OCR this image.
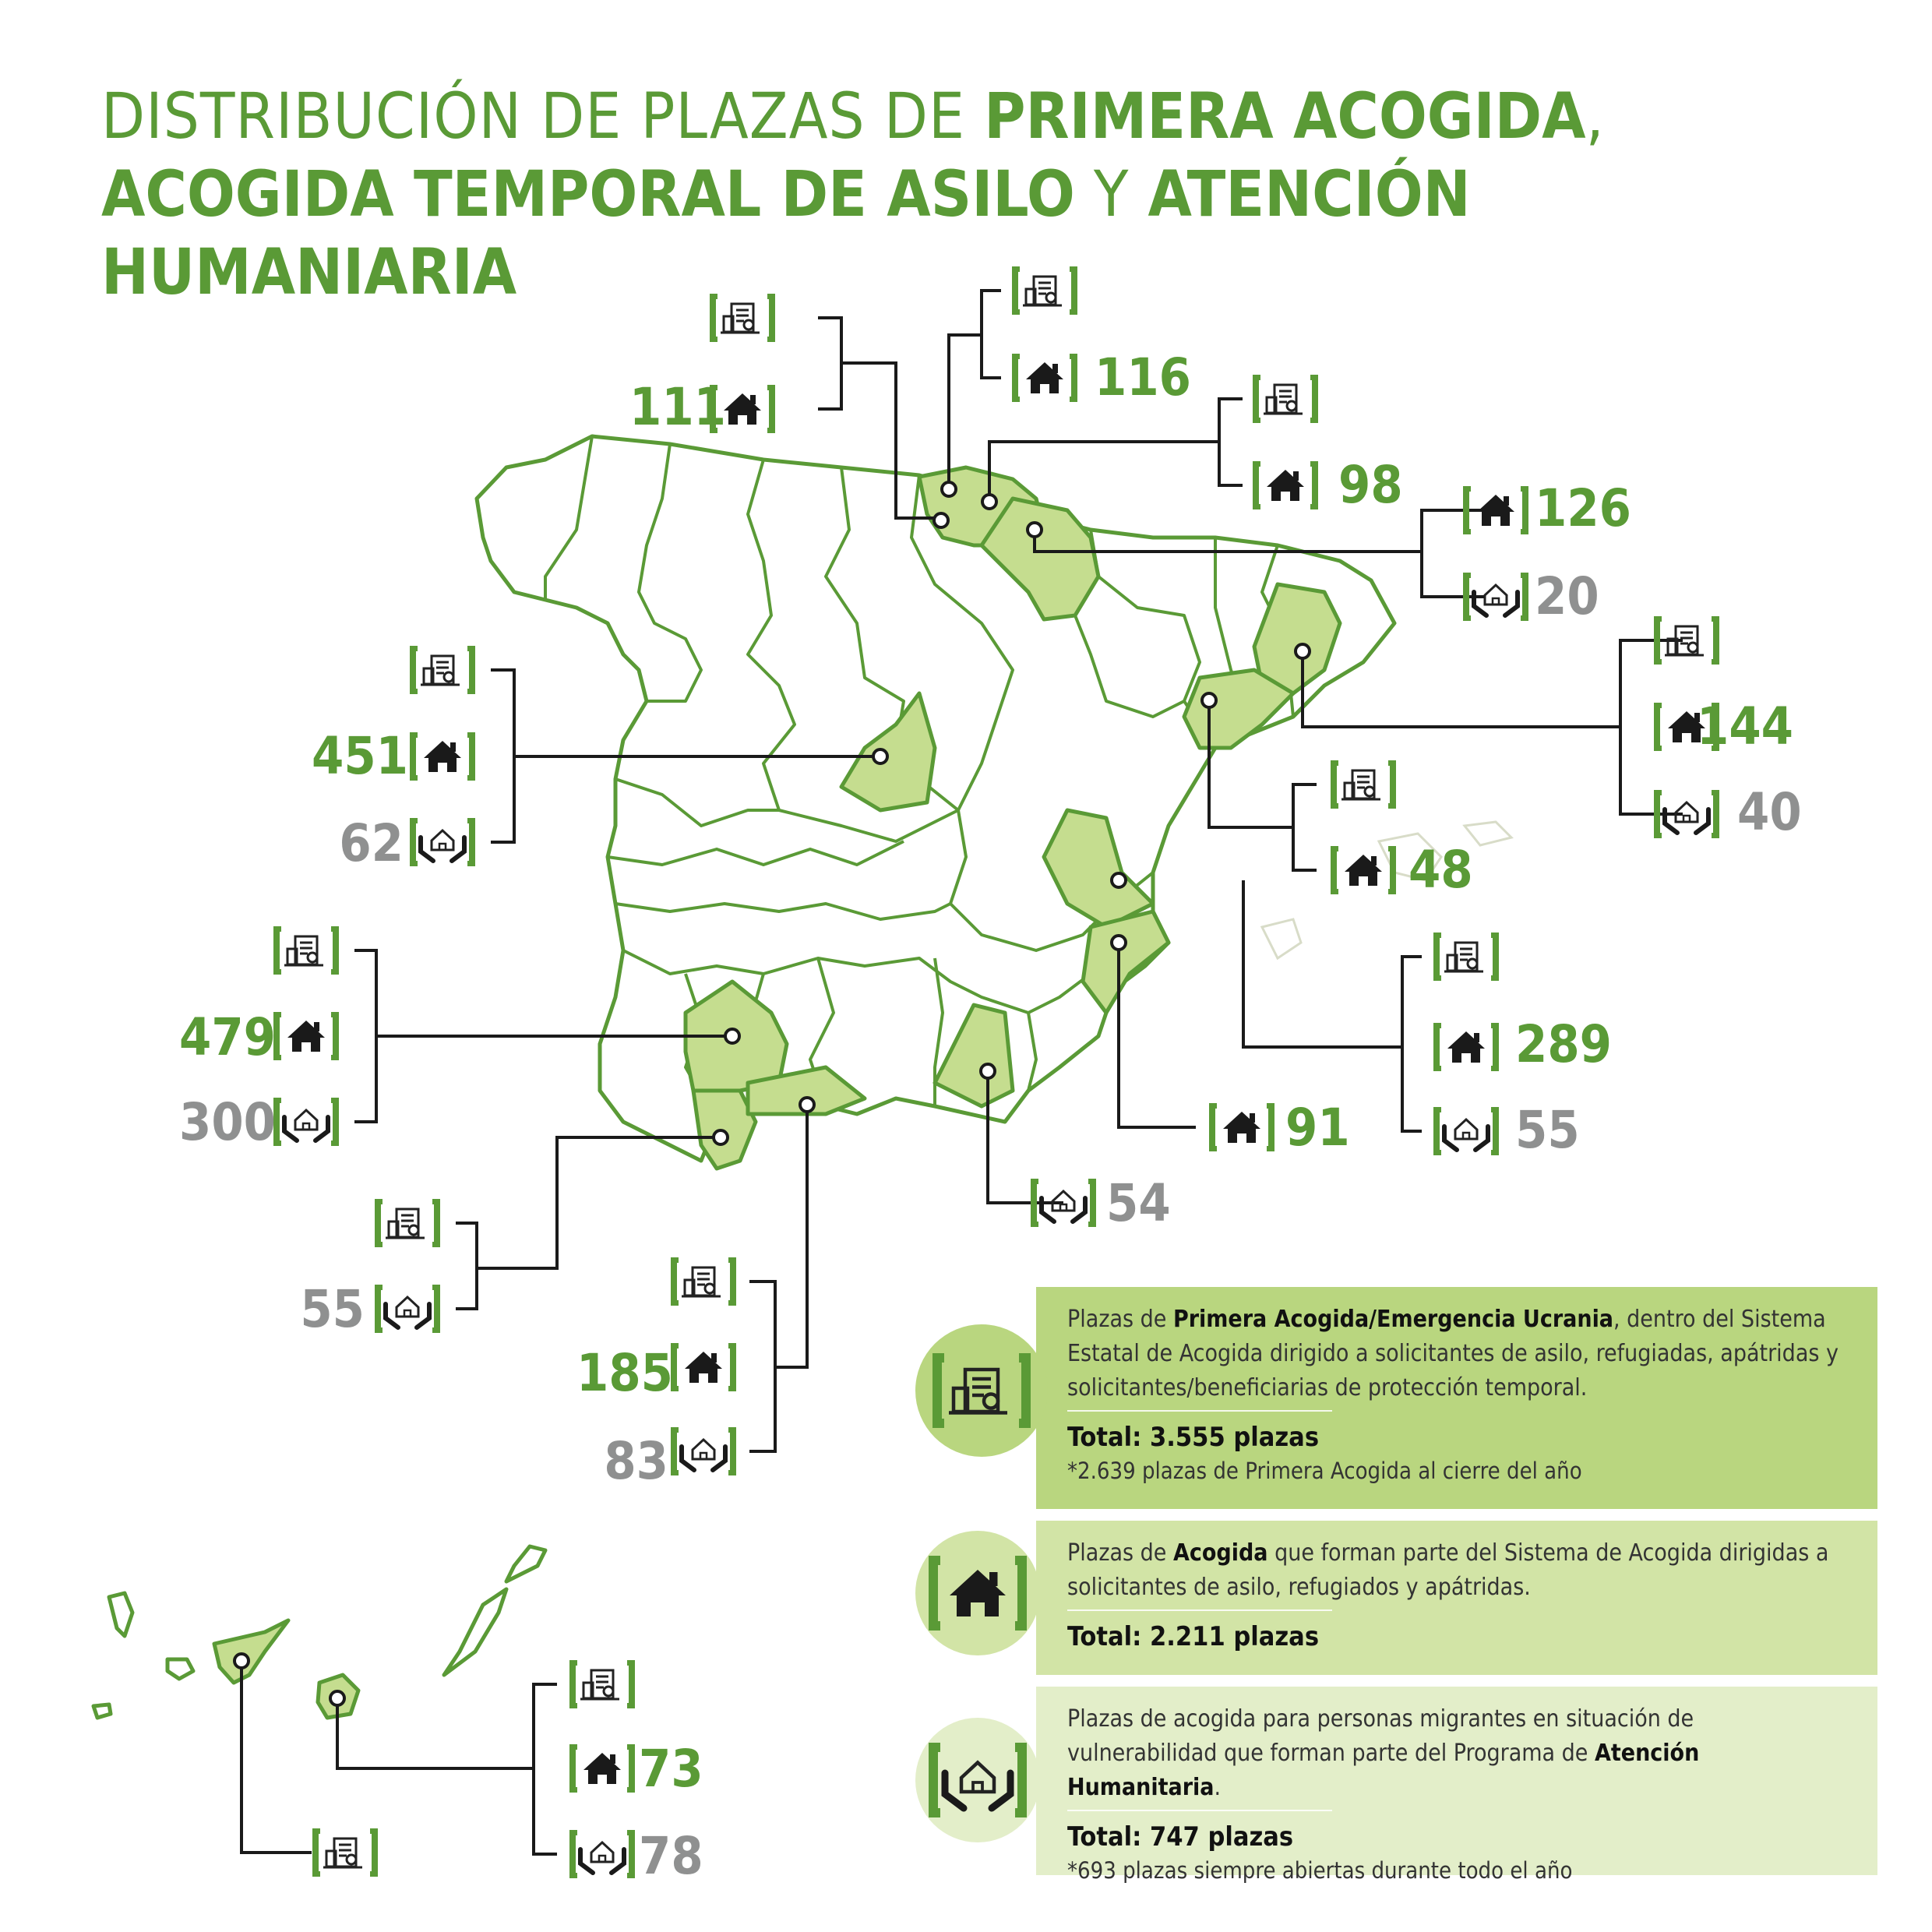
DISTRIBUCIÓN DE PLAZAS DE PRIMERA ACOGIDA,
ACOGIDA TEMPORAL DE ASILO Y ATENCIÓN HUMANIARIA
111	116
98	126
20
144
40
48
451
62
479
300
289
55
91
54
55
185
83
73
78
Plazas de Primera Acogida/Emergencia Ucrania, dentro del Sistema Estatal de Acogida dirigido a solicitantes de asilo, refugiadas, apátridas y solicitantes/beneficiarias de protección temporal.
Total: 3.555 plazas
*2.639 plazas de Primera Acogida al cierre del año
Plazas de Acogida que forman parte del Sistema de Acogida dirigidas a solicitantes de asilo, refugiados y apátridas.
Total: 2.211 plazas
Plazas de acogida para personas migrantes en situación de vulnerabilidad que forman parte del Programa de Atención Humanitaria.
Total: 747 plazas
*693 plazas siempre abiertas durante todo el año
